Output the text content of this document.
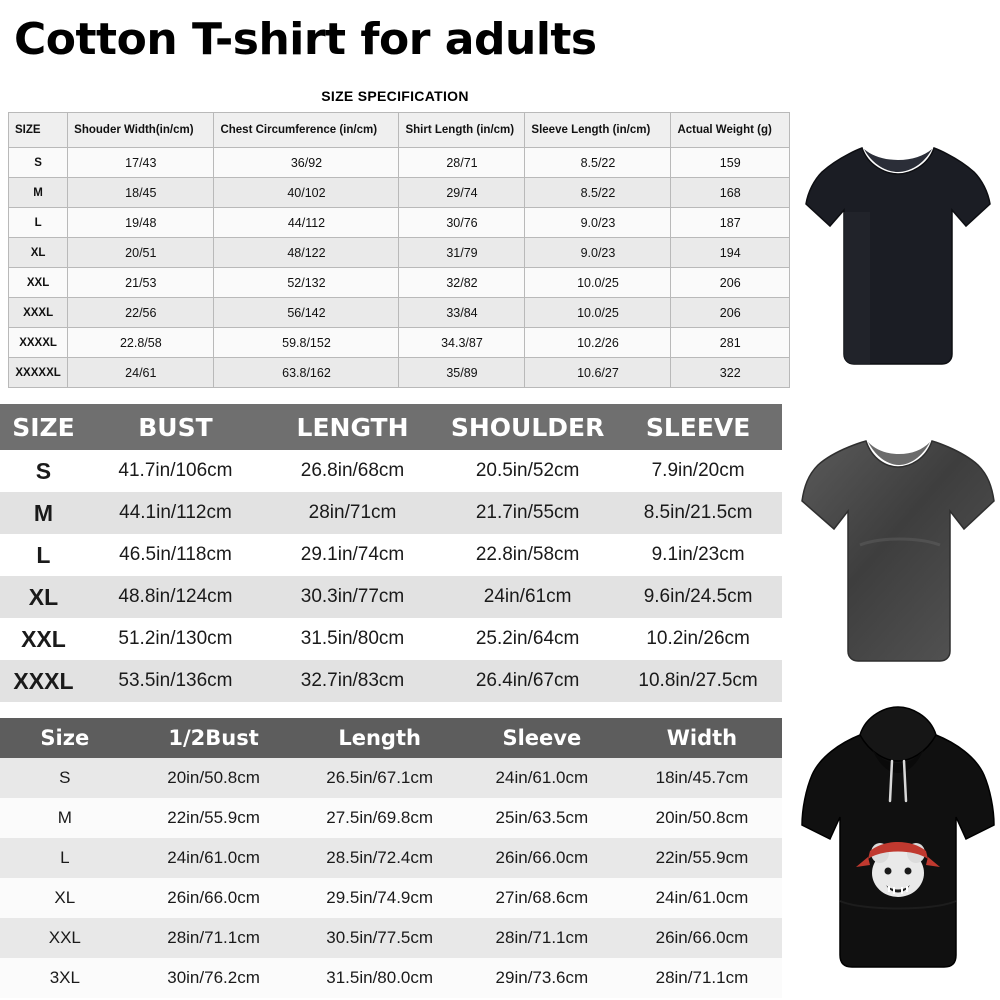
Cotton T-shirt for adults
SIZE SPECIFICATION
SIZE	Shouder Width(in/cm)	Chest Circumference (in/cm)	Shirt Length (in/cm)	Sleeve Length (in/cm)	Actual Weight (g)
S	17/43	36/92	28/71	8.5/22	159
M	18/45	40/102	29/74	8.5/22	168
L	19/48	44/112	30/76	9.0/23	187
XL	20/51	48/122	31/79	9.0/23	194
XXL	21/53	52/132	32/82	10.0/25	206
XXXL	22/56	56/142	33/84	10.0/25	206
XXXXL	22.8/58	59.8/152	34.3/87	10.2/26	281
XXXXXL	24/61	63.8/162	35/89	10.6/27	322
SIZE	BUST	LENGTH	SHOULDER	SLEEVE
S	41.7in/106cm	26.8in/68cm	20.5in/52cm	7.9in/20cm
M	44.1in/112cm	28in/71cm	21.7in/55cm	8.5in/21.5cm
L	46.5in/118cm	29.1in/74cm	22.8in/58cm	9.1in/23cm
XL	48.8in/124cm	30.3in/77cm	24in/61cm	9.6in/24.5cm
XXL	51.2in/130cm	31.5in/80cm	25.2in/64cm	10.2in/26cm
XXXL	53.5in/136cm	32.7in/83cm	26.4in/67cm	10.8in/27.5cm
Size	1/2Bust	Length	Sleeve	Width
S	20in/50.8cm	26.5in/67.1cm	24in/61.0cm	18in/45.7cm
M	22in/55.9cm	27.5in/69.8cm	25in/63.5cm	20in/50.8cm
L	24in/61.0cm	28.5in/72.4cm	26in/66.0cm	22in/55.9cm
XL	26in/66.0cm	29.5in/74.9cm	27in/68.6cm	24in/61.0cm
XXL	28in/71.1cm	30.5in/77.5cm	28in/71.1cm	26in/66.0cm
3XL	30in/76.2cm	31.5in/80.0cm	29in/73.6cm	28in/71.1cm
